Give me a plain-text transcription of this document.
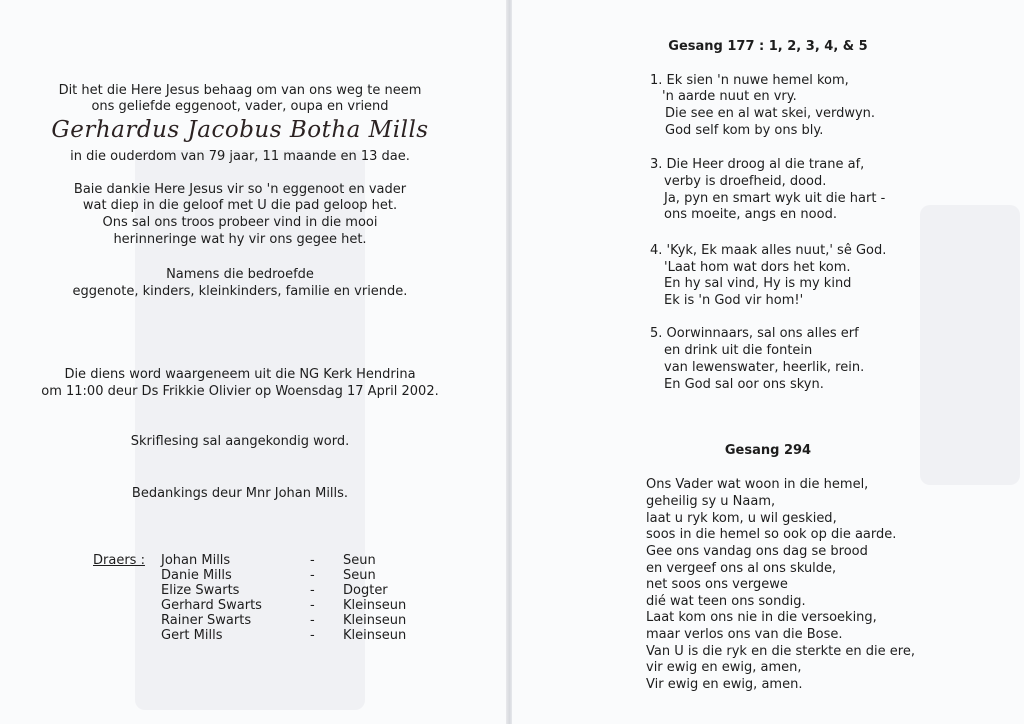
Dit het die Here Jesus behaag om van ons weg te neem
ons geliefde eggenoot, vader, oupa en vriend
Gerhardus Jacobus Botha Mills
in die ouderdom van 79 jaar, 11 maande en 13 dae.
Baie dankie Here Jesus vir so 'n eggenoot en vader
wat diep in die geloof met U die pad geloop het.
Ons sal ons troos probeer vind in die mooi
herinneringe wat hy vir ons gegee het.
Namens die bedroefde
eggenote, kinders, kleinkinders, familie en vriende.
Die diens word waargeneem uit die NG Kerk Hendrina
om 11:00 deur Ds Frikkie Olivier op Woensdag 17 April 2002.
Skriflesing sal aangekondig word.
Bedankings deur Mnr Johan Mills.
Draers : Johan Mills	- Seun
Danie Mills	- Seun
Elize Swarts	- Dogter
Gerhard Swarts	- Kleinseun
Rainer Swarts	- Kleinseun
Gert Mills	- Kleinseun
Gesang 177 : 1, 2, 3, 4, & 5
1. Ek sien 'n nuwe hemel kom,
'n aarde nuut en vry.
Die see en al wat skei, verdwyn.
God self kom by ons bly.
3. Die Heer droog al die trane af,
verby is droefheid, dood.
Ja, pyn en smart wyk uit die hart -
ons moeite, angs en nood.
4. 'Kyk, Ek maak alles nuut,' sê God.
'Laat hom wat dors het kom.
En hy sal vind, Hy is my kind
Ek is 'n God vir hom!'
5. Oorwinnaars, sal ons alles erf
en drink uit die fontein
van lewenswater, heerlik, rein.
En God sal oor ons skyn.
Gesang 294
Ons Vader wat woon in die hemel,
geheilig sy u Naam,
laat u ryk kom, u wil geskied,
soos in die hemel so ook op die aarde.
Gee ons vandag ons dag se brood
en vergeef ons al ons skulde,
net soos ons vergewe
dié wat teen ons sondig.
Laat kom ons nie in die versoeking,
maar verlos ons van die Bose.
Van U is die ryk en die sterkte en die ere,
vir ewig en ewig, amen,
Vir ewig en ewig, amen.
